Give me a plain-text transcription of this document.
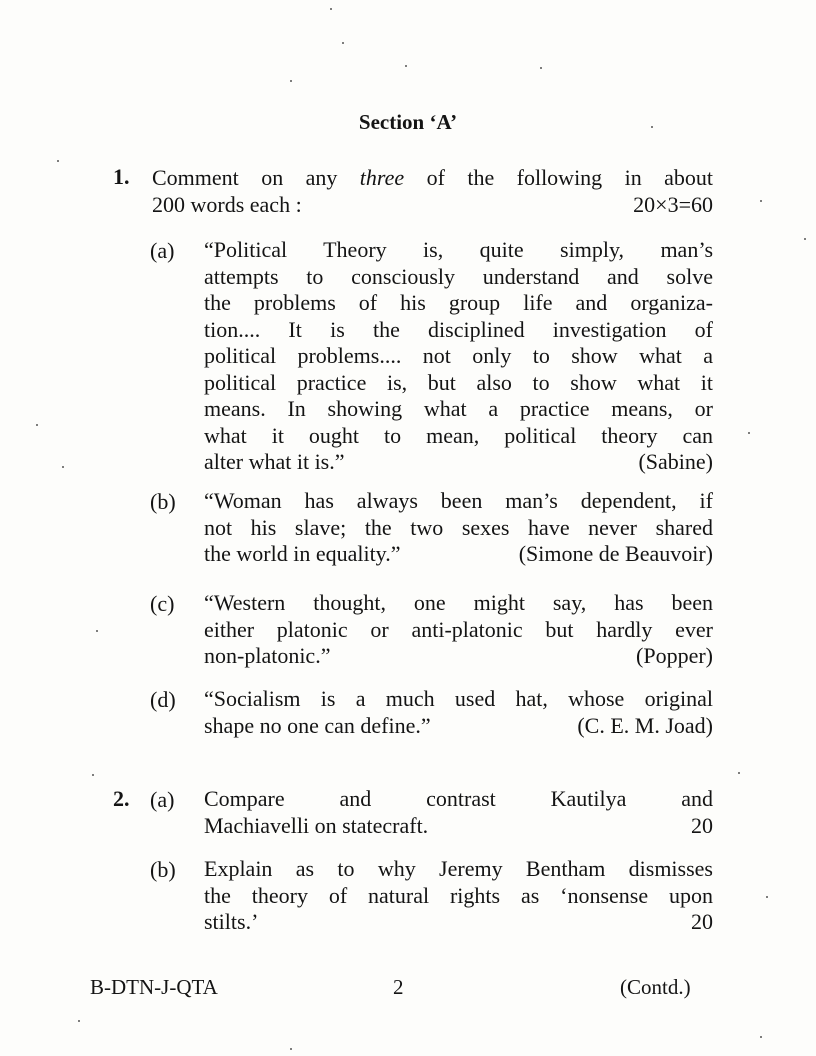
Section ‘A’
1. Comment on any three of the following in about
200 words each :	20×3=60
(a) “Political Theory is, quite simply, man’s
attempts to consciously understand and solve
the problems of his group life and organiza-
tion.... It is the disciplined investigation of
political problems.... not only to show what a
political practice is, but also to show what it
means. In showing what a practice means, or
what it ought to mean, political theory can
alter what it is.”	(Sabine)
(b) “Woman has always been man’s dependent, if
not his slave; the two sexes have never shared
the world in equality.”	(Simone de Beauvoir)
(c) “Western thought, one might say, has been
either platonic or anti-platonic but hardly ever
non-platonic.”	(Popper)
(d) “Socialism is a much used hat, whose original
shape no one can define.”	(C. E. M. Joad)
2. (a) Compare and contrast Kautilya and
Machiavelli on statecraft.	20
(b) Explain as to why Jeremy Bentham dismisses
the theory of natural rights as ‘nonsense upon
stilts.’	20
B-DTN-J-QTA	2	(Contd.)
